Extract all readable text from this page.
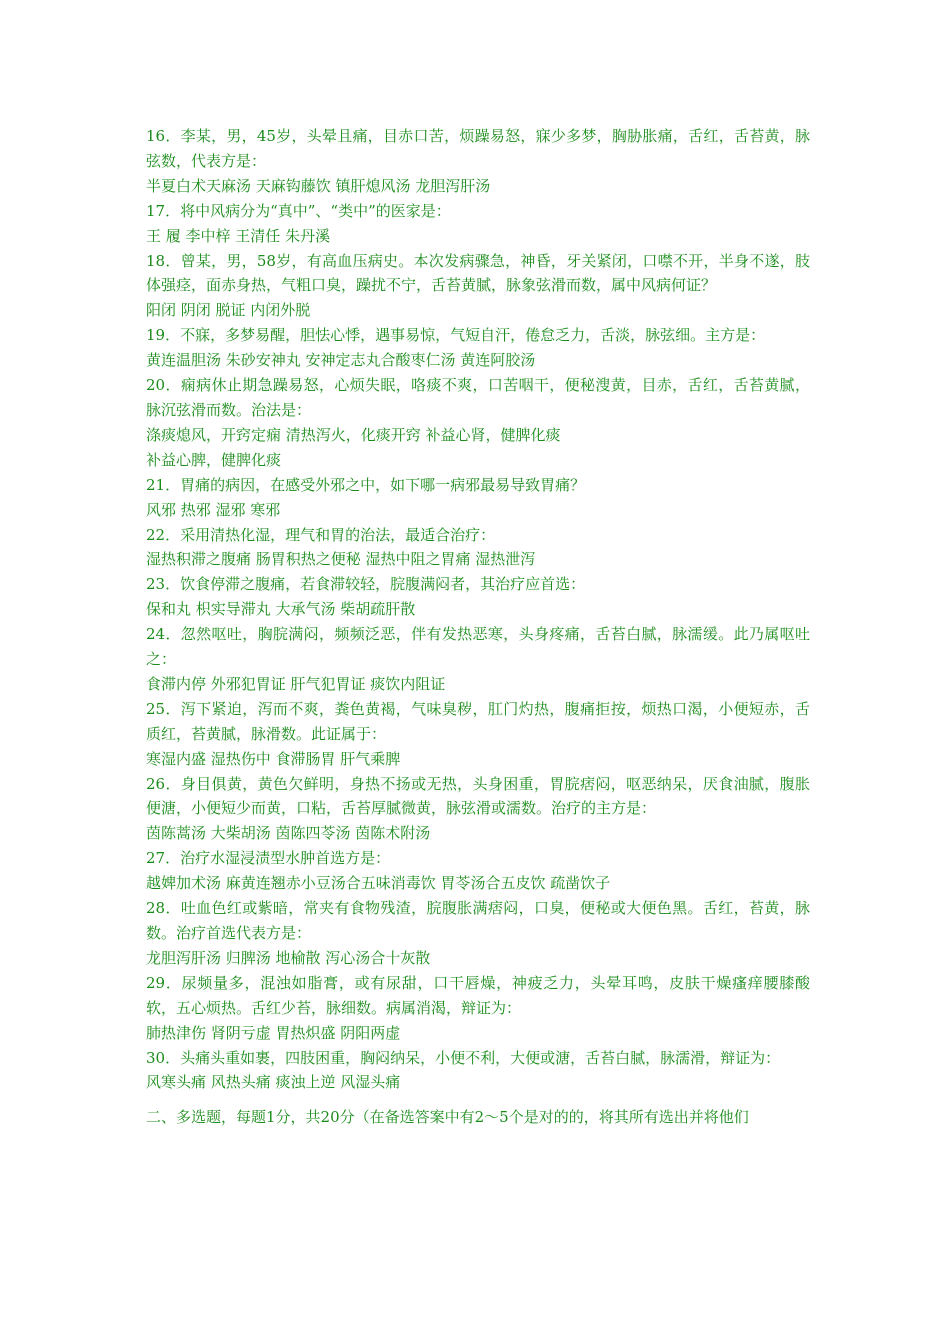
16．李某，男，45岁，头晕且痛，目赤口苦，烦躁易怒，寐少多梦，胸胁胀痛，舌红，舌苔黄，脉弦数，代表方是：
半夏白术天麻汤 天麻钩藤饮 镇肝熄风汤 龙胆泻肝汤
17．将中风病分为“真中”、“类中”的医家是：
王 履 李中梓 王清任 朱丹溪
18．曾某，男，58岁，有高血压病史。本次发病骤急，神昏，牙关紧闭，口噤不开，半身不遂，肢体强痉，面赤身热，气粗口臭，躁扰不宁，舌苔黄腻，脉象弦滑而数，属中风病何证？
阳闭 阴闭 脱证 内闭外脱
19．不寐，多梦易醒，胆怯心悸，遇事易惊，气短自汗，倦怠乏力，舌淡，脉弦细。主方是：
黄连温胆汤 朱砂安神丸 安神定志丸合酸枣仁汤 黄连阿胶汤
20．痫病休止期急躁易怒，心烦失眠，咯痰不爽，口苦咽干，便秘溲黄，目赤，舌红，舌苔黄腻，脉沉弦滑而数。治法是：
涤痰熄风，开窍定痫 清热泻火，化痰开窍 补益心肾，健脾化痰
补益心脾，健脾化痰
21．胃痛的病因，在感受外邪之中，如下哪一病邪最易导致胃痛？
风邪 热邪 湿邪 寒邪
22．采用清热化湿，理气和胃的治法，最适合治疗：
湿热积滞之腹痛 肠胃积热之便秘 湿热中阻之胃痛 湿热泄泻
23．饮食停滞之腹痛，若食滞较轻，脘腹满闷者，其治疗应首选：
保和丸 枳实导滞丸 大承气汤 柴胡疏肝散
24．忽然呕吐，胸脘满闷，频频泛恶，伴有发热恶寒，头身疼痛，舌苔白腻，脉濡缓。此乃属呕吐之：
食滞内停 外邪犯胃证 肝气犯胃证 痰饮内阻证
25．泻下紧迫，泻而不爽，粪色黄褐，气味臭秽，肛门灼热，腹痛拒按，烦热口渴，小便短赤，舌质红，苔黄腻，脉滑数。此证属于：
寒湿内盛 湿热伤中 食滞肠胃 肝气乘脾
26．身目俱黄，黄色欠鲜明，身热不扬或无热，头身困重，胃脘痞闷，呕恶纳呆，厌食油腻，腹胀便溏，小便短少而黄，口粘，舌苔厚腻微黄，脉弦滑或濡数。治疗的主方是：
茵陈蒿汤 大柴胡汤 茵陈四苓汤 茵陈术附汤
27．治疗水湿浸渍型水肿首选方是：
越婢加术汤 麻黄连翘赤小豆汤合五味消毒饮 胃苓汤合五皮饮 疏凿饮子
28．吐血色红或紫暗，常夹有食物残渣，脘腹胀满痞闷，口臭，便秘或大便色黑。舌红，苔黄，脉数。治疗首选代表方是：
龙胆泻肝汤 归脾汤 地榆散 泻心汤合十灰散
29．尿频量多，混浊如脂膏，或有尿甜，口干唇燥，神疲乏力，头晕耳鸣，皮肤干燥瘙痒腰膝酸软，五心烦热。舌红少苔，脉细数。病属消渴，辩证为：
肺热津伤 肾阴亏虚 胃热炽盛 阴阳两虚
30．头痛头重如裹，四肢困重，胸闷纳呆，小便不利，大便或溏，舌苔白腻，脉濡滑，辩证为：
风寒头痛 风热头痛 痰浊上逆 风湿头痛
二、多选题，每题1分，共20分（在备选答案中有2～5个是对的的，将其所有选出并将他们
